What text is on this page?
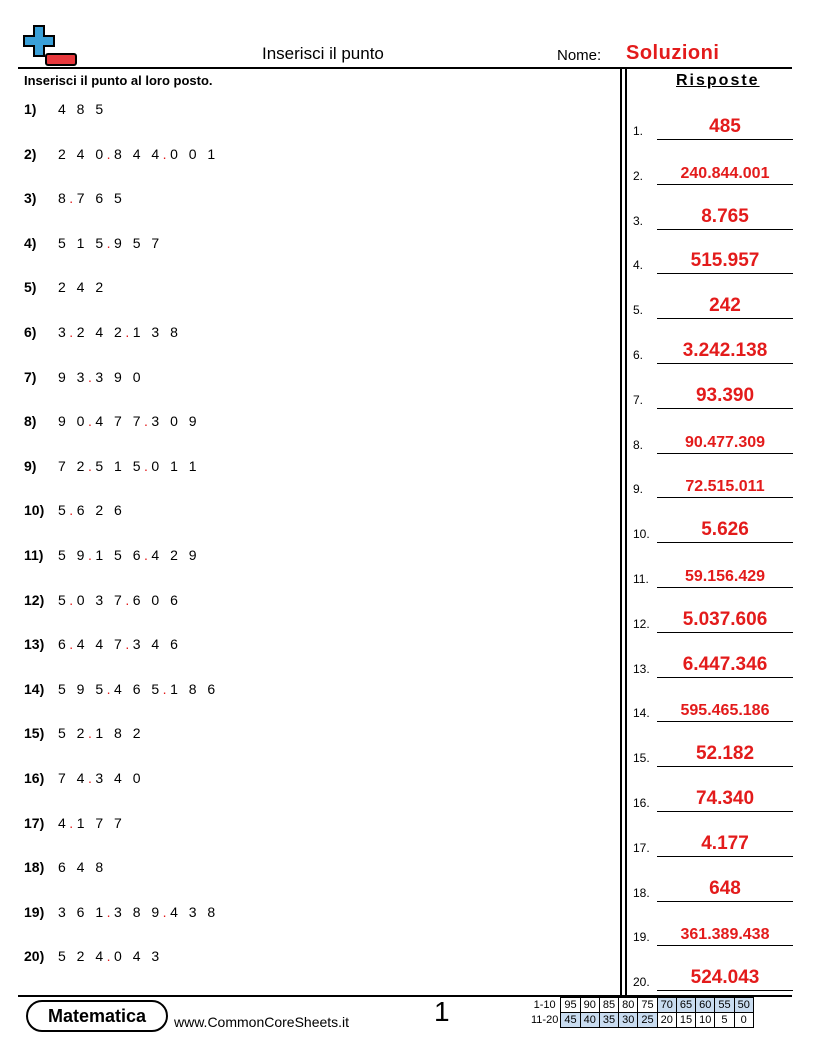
Inserisci il punto	Nome: Soluzioni
Inserisci il punto al loro posto.	Risposte
1) 4 8 5
2) 2 4 0.8 4 4.0 0 1
3) 8.7 6 5
4) 5 1 5.9 5 7
5) 2 4 2
6) 3.2 4 2.1 3 8
7) 9 3.3 9 0
8) 9 0.4 7 7.3 0 9
9) 7 2.5 1 5.0 1 1
10) 5.6 2 6
11) 5 9.1 5 6.4 2 9
12) 5.0 3 7.6 0 6
13) 6.4 4 7.3 4 6
14) 5 9 5.4 6 5.1 8 6
15) 5 2.1 8 2
16) 7 4.3 4 0
17) 4.1 7 7
18) 6 4 8
19) 3 6 1.3 8 9.4 3 8
20) 5 2 4.0 4 3
1.	485
2.	240.844.001
3.	8.765
4.	515.957
5.	242
6.	3.242.138
7.	93.390
8.	90.477.309
9.	72.515.011
10.	5.626
11.	59.156.429
12.	5.037.606
13.	6.447.346
14.	595.465.186
15.	52.182
16.	74.340
17.	4.177
18.	648
19.	361.389.438
20.	524.043
Matematica	www.CommonCoreSheets.it	1	1-10	95	90	85	80	75	70	65	60	55	50
11-20	45	40	35	30	25	20	15	10	5	0
